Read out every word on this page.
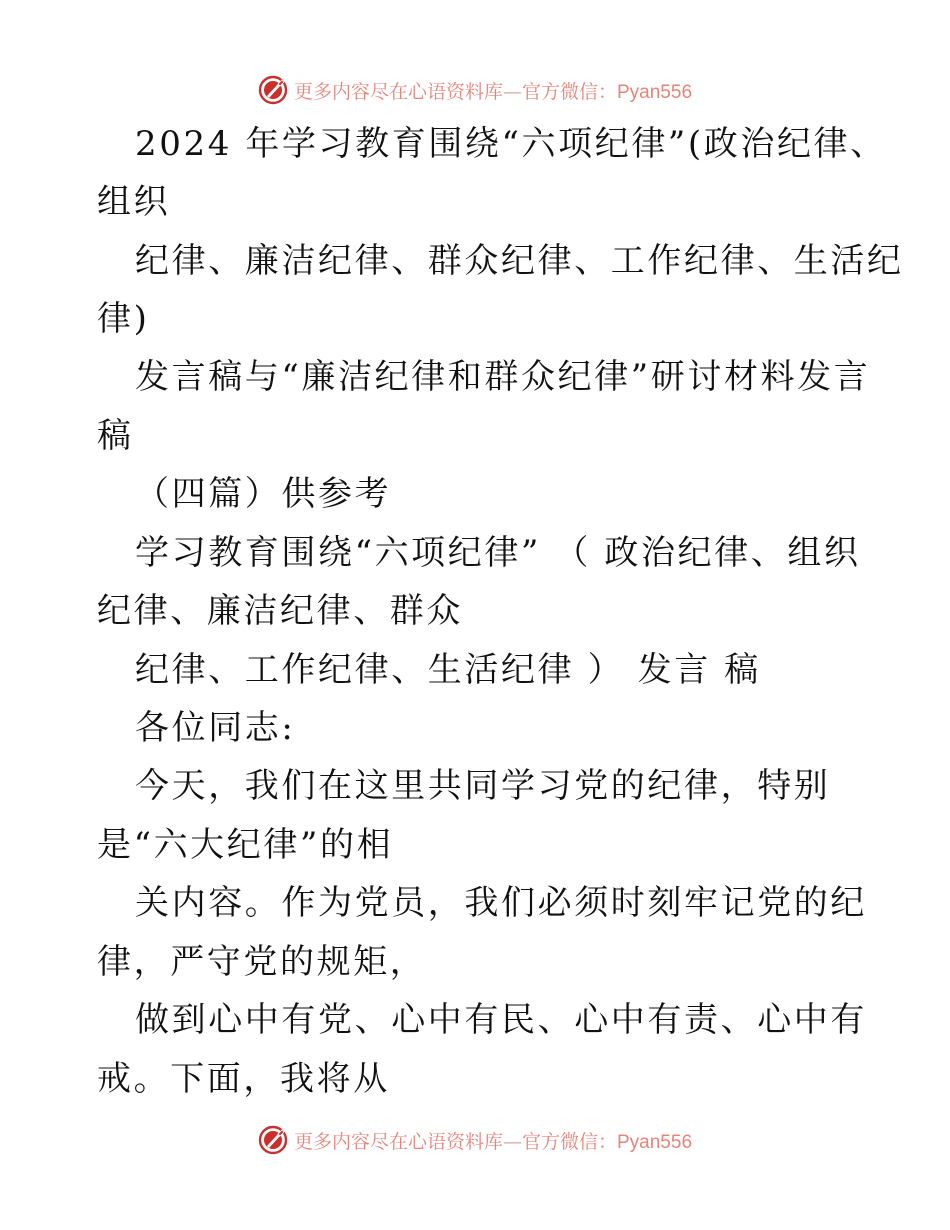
更多内容尽在心语资料库—官方微信：Pyan556
2024 年学习教育围绕“六项纪律”(政治纪律、
组织
纪律、廉洁纪律、群众纪律、工作纪律、生活纪
律)
发言稿与“廉洁纪律和群众纪律”研讨材料发言
稿
（四篇）供参考
学习教育围绕“六项纪律” （ 政治纪律、组织
纪律、廉洁纪律、群众
纪律、工作纪律、生活纪律 ） 发言 稿
各位同志:
今天，我们在这里共同学习党的纪律，特别
是“六大纪律”的相
关内容。作为党员，我们必须时刻牢记党的纪
律，严守党的规矩，
做到心中有党、心中有民、心中有责、心中有
戒。下面，我将从
更多内容尽在心语资料库—官方微信：Pyan556
